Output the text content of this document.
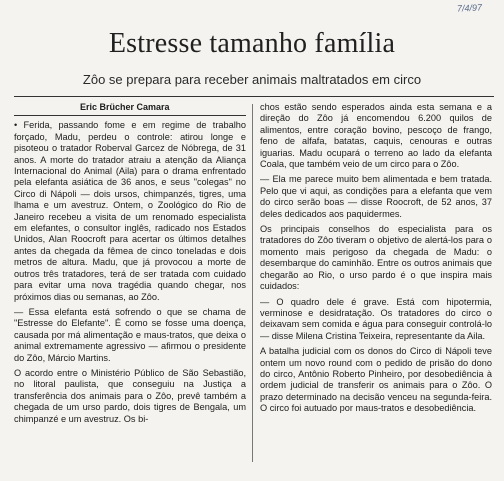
7/4/97
Estresse tamanho família
Zôo se prepara para receber animais maltratados em circo
Eric Brücher Camara

• Ferida, passando fome e em regime de trabalho forçado, Madu, perdeu o controle: atirou longe e pisoteou o tratador Roberval Garcez de Nóbrega, de 31 anos. A morte do tratador atraiu a atenção da Aliança Internacional do Animal (Aila) para o drama enfrentado pela elefanta asiática de 36 anos, e seus "colegas" no Circo di Nápoli — dois ursos, chimpanzés, tigres, uma lhama e um avestruz. Ontem, o Zoológico do Rio de Janeiro recebeu a visita de um renomado especialista em elefantes, o consultor inglês, radicado nos Estados Unidos, Alan Roocroft para acertar os últimos detalhes antes da chegada da fêmea de cinco toneladas e dois metros de altura. Madu, que já provocou a morte de outros três tratadores, terá de ser tratada com cuidado para evitar uma nova tragédia quando chegar, nos próximos dias ou semanas, ao Zôo.

— Essa elefanta está sofrendo o que se chama de "Estresse do Elefante". É como se fosse uma doença, causada por má alimentação e maus-tratos, que deixa o animal extremamente agressivo — afirmou o presidente do Zôo, Márcio Martins.

O acordo entre o Ministério Público de São Sebastião, no litoral paulista, que conseguiu na Justiça a transferência dos animais para o Zôo, prevê também a chegada de um urso pardo, dois tigres de Bengala, um chimpanzé e um avestruz. Os bi-

chos estão sendo esperados ainda esta semana e a direção do Zôo já encomendou 6.200 quilos de alimentos, entre coração bovino, pescoço de frango, feno de alfafa, batatas, caquis, cenouras e outras iguarias. Madu ocupará o terreno ao lado da elefanta Coala, que também veio de um circo para o Zôo.

— Ela me parece muito bem alimentada e bem tratada. Pelo que vi aqui, as condições para a elefanta que vem do circo serão boas — disse Roocroft, de 52 anos, 37 deles dedicados aos paquidermes.

Os principais conselhos do especialista para os tratadores do Zôo tiveram o objetivo de alertá-los para o momento mais perigoso da chegada de Madu: o desembarque do caminhão. Entre os outros animais que chegarão ao Rio, o urso pardo é o que inspira mais cuidados:

— O quadro dele é grave. Está com hipotermia, verminose e desidratação. Os tratadores do circo o deixavam sem comida e água para conseguir controlá-lo — disse Milena Cristina Teixeira, representante da Aila.

A batalha judicial com os donos do Circo di Nápoli teve ontem um novo round com o pedido de prisão do dono do circo, Antônio Roberto Pinheiro, por desobediência à ordem judicial de transferir os animais para o Zôo. O prazo determinado na decisão venceu na segunda-feira. O circo foi autuado por maus-tratos e desobediência.
